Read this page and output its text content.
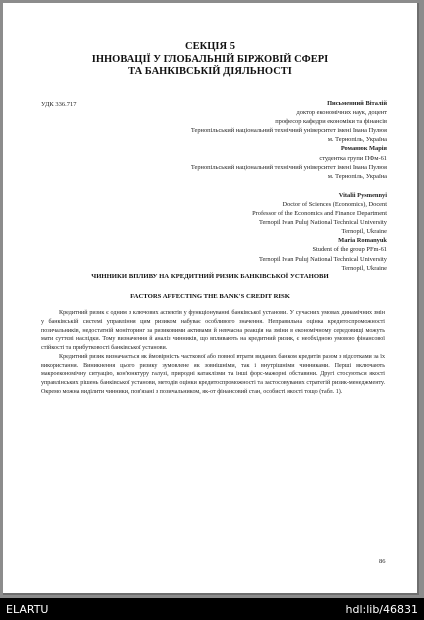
СЕКЦІЯ 5
ІННОВАЦІЇ У ГЛОБАЛЬНІЙ БІРЖОВІЙ СФЕРІ
ТА БАНКІВСЬКІЙ ДІЯЛЬНОСТІ
УДК 336.717	Письменний Віталій
доктор економічних наук, доцент
професор кафедри економіки та фінансів
Тернопільський національний технічний університет імені Івана Пулюя
м. Тернопіль, Україна
Романюк Марія
студентка групи ПФм-61
Тернопільський національний технічний університет імені Івана Пулюя
м. Тернопіль, Україна
Vitalii Pysmennyi
Doctor of Sciences (Economics), Docent
Professor of the Economics and Finance Department
Ternopil Ivan Puluj National Technical University
Ternopil, Ukraine
Maria Romanyuk
Student of the group PFm-61
Ternopil Ivan Puluj National Technical University
Ternopil, Ukraine
ЧИННИКИ ВПЛИВУ НА КРЕДИТНИЙ РИЗИК БАНКІВСЬКОЇ УСТАНОВИ
FACTORS AFFECTING THE BANK'S CREDIT RISK

Кредитний ризик є одним з ключових аспектів у функціонуванні банківської установи. У сучасних умовах динамічних змін у банківській системі управління цим ризиком набуває особливого значення. Неправильна оцінка кредитоспроможності позичальників, недостатній моніторинг за ризиковими активами й невчасна реакція на зміни в економічному середовищі можуть мати суттєві наслідки. Тому визначення й аналіз чинників, що впливають на кредитний ризик, є необхідною умовою фінансової стійкості та прибутковості банківської установи.

Кредитний ризик визначається як ймовірність часткової або повної втрати виданих банком кредитів разом з відсотками за їх використання. Виникнення цього ризику зумовлене як зовнішніми, так і внутрішніми чинниками. Перші включають макроекономічну ситуацію, кон'юнктуру галузі, природні катаклізми та інші форс-мажорні обставини. Другі стосуються якості управлінських рішень банківської установи, методів оцінки кредитоспроможності та застосовуваних стратегій ризик-менеджменту. Окремо можна виділити чинники, пов'язані з позичальником, як-от фінансовий стан, особисті якості тощо (табл. 1).

86
ELARTU	hdl:lib/46831
